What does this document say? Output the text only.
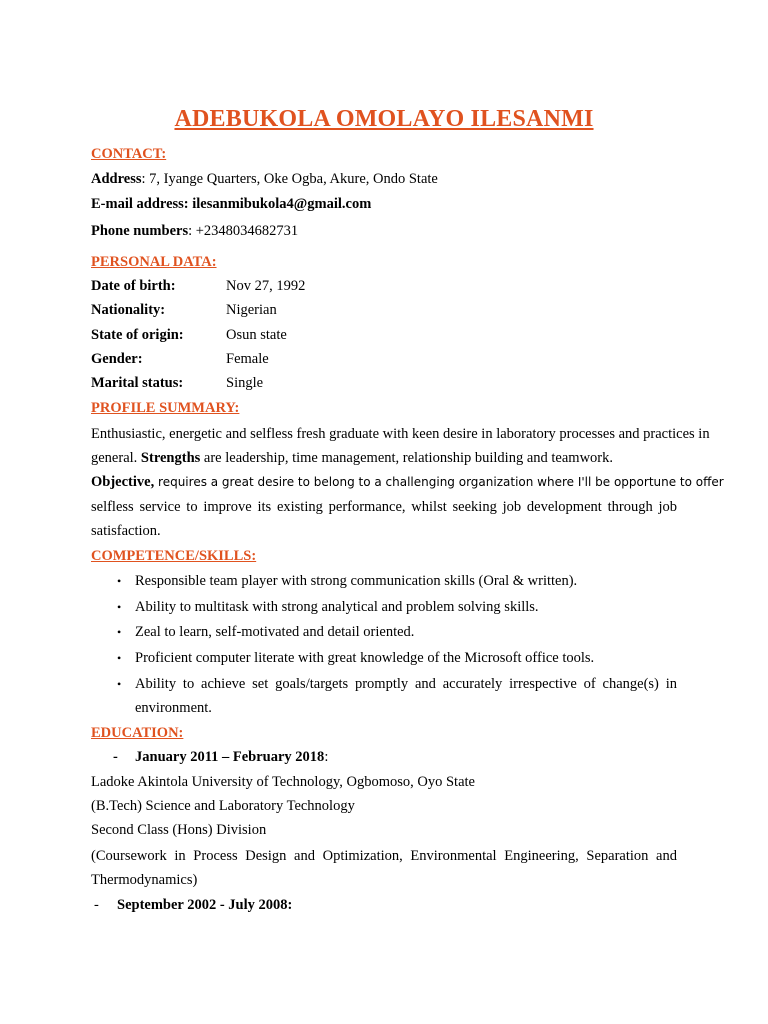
ADEBUKOLA OMOLAYO ILESANMI
CONTACT:
Address: 7, Iyange Quarters, Oke Ogba, Akure, Ondo State
E-mail address: ilesanmibukola4@gmail.com
Phone numbers: +2348034682731
PERSONAL DATA:
Date of birth:	Nov 27, 1992
Nationality:	Nigerian
State of origin:	Osun state
Gender:	Female
Marital status:	Single
PROFILE SUMMARY:
Enthusiastic, energetic and selfless fresh graduate with keen desire in laboratory processes and practices in
general. Strengths are leadership, time management, relationship building and teamwork.
Objective, requires a great desire to belong to a challenging organization where I'll be opportune to offer
selfless service to improve its existing performance, whilst seeking job development through job
satisfaction.
COMPETENCE/SKILLS:
• Responsible team player with strong communication skills (Oral & written).
• Ability to multitask with strong analytical and problem solving skills.
• Zeal to learn, self-motivated and detail oriented.
• Proficient computer literate with great knowledge of the Microsoft office tools.
• Ability to achieve set goals/targets promptly and accurately irrespective of change(s) in
environment.
EDUCATION:
- January 2011 – February 2018:
Ladoke Akintola University of Technology, Ogbomoso, Oyo State
(B.Tech) Science and Laboratory Technology
Second Class (Hons) Division
(Coursework in Process Design and Optimization, Environmental Engineering, Separation and
Thermodynamics)
- September 2002 - July 2008:
